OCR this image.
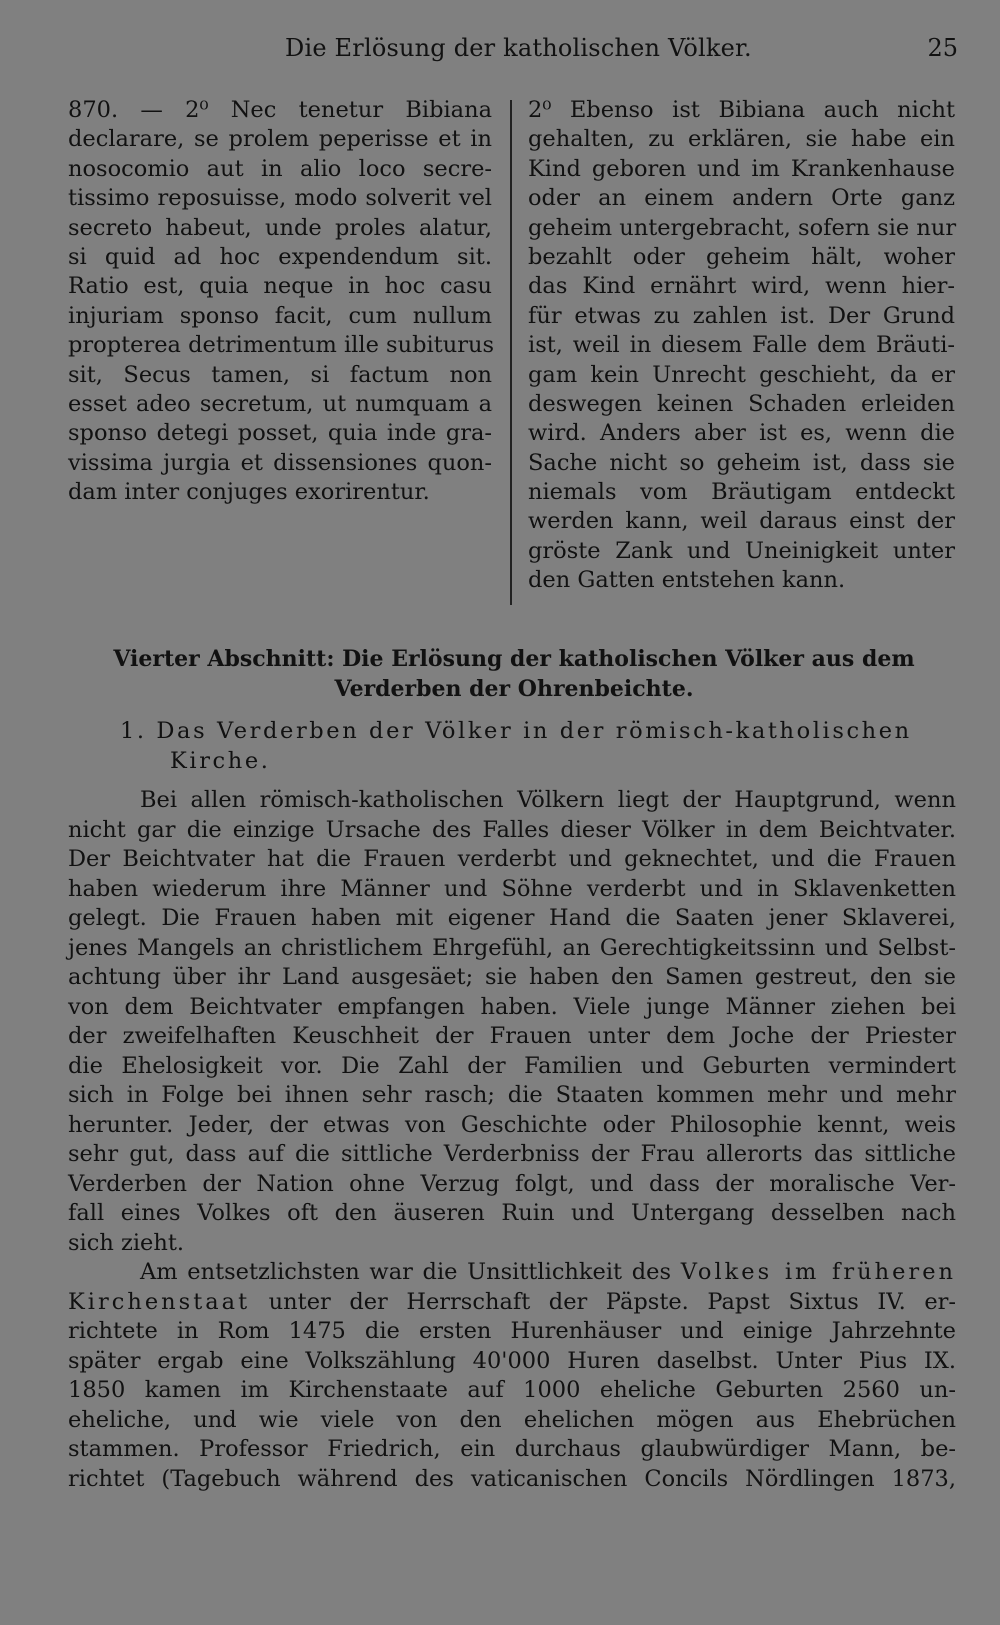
Die Erlösung der katholischen Völker.	25
870. — 2⁰ Nec tenetur Bibiana
declarare, se prolem peperisse et in
nosocomio aut in alio loco secre-
tissimo reposuisse, modo solverit vel
secreto habeut, unde proles alatur,
si quid ad hoc expendendum sit.
Ratio est, quia neque in hoc casu
injuriam sponso facit, cum nullum
propterea detrimentum ille subiturus
sit, Secus tamen, si factum non
esset adeo secretum, ut numquam a
sponso detegi posset, quia inde gra-
vissima jurgia et dissensiones quon-
dam inter conjuges exorirentur.
2⁰ Ebenso ist Bibiana auch nicht
gehalten, zu erklären, sie habe ein
Kind geboren und im Krankenhause
oder an einem andern Orte ganz
geheim untergebracht, sofern sie nur
bezahlt oder geheim hält, woher
das Kind ernährt wird, wenn hier-
für etwas zu zahlen ist. Der Grund
ist, weil in diesem Falle dem Bräuti-
gam kein Unrecht geschieht, da er
deswegen keinen Schaden erleiden
wird. Anders aber ist es, wenn die
Sache nicht so geheim ist, dass sie
niemals vom Bräutigam entdeckt
werden kann, weil daraus einst der
gröste Zank und Uneinigkeit unter
den Gatten entstehen kann.
Vierter Abschnitt: Die Erlösung der katholischen Völker aus dem
Verderben der Ohrenbeichte.
1. Das Verderben der Völker in der römisch-katholischen
Kirche.
Bei allen römisch-katholischen Völkern liegt der Hauptgrund, wenn
nicht gar die einzige Ursache des Falles dieser Völker in dem Beichtvater.
Der Beichtvater hat die Frauen verderbt und geknechtet, und die Frauen
haben wiederum ihre Männer und Söhne verderbt und in Sklavenketten
gelegt. Die Frauen haben mit eigener Hand die Saaten jener Sklaverei,
jenes Mangels an christlichem Ehrgefühl, an Gerechtigkeitssinn und Selbst-
achtung über ihr Land ausgesäet; sie haben den Samen gestreut, den sie
von dem Beichtvater empfangen haben. Viele junge Männer ziehen bei
der zweifelhaften Keuschheit der Frauen unter dem Joche der Priester
die Ehelosigkeit vor. Die Zahl der Familien und Geburten vermindert
sich in Folge bei ihnen sehr rasch; die Staaten kommen mehr und mehr
herunter. Jeder, der etwas von Geschichte oder Philosophie kennt, weis
sehr gut, dass auf die sittliche Verderbniss der Frau allerorts das sittliche
Verderben der Nation ohne Verzug folgt, und dass der moralische Ver-
fall eines Volkes oft den äuseren Ruin und Untergang desselben nach
sich zieht.
Am entsetzlichsten war die Unsittlichkeit des Volkes im früheren
Kirchenstaat unter der Herrschaft der Päpste. Papst Sixtus IV. er-
richtete in Rom 1475 die ersten Hurenhäuser und einige Jahrzehnte
später ergab eine Volkszählung 40'000 Huren daselbst. Unter Pius IX.
1850 kamen im Kirchenstaate auf 1000 eheliche Geburten 2560 un-
eheliche, und wie viele von den ehelichen mögen aus Ehebrüchen
stammen. Professor Friedrich, ein durchaus glaubwürdiger Mann, be-
richtet (Tagebuch während des vaticanischen Concils Nördlingen 1873,
